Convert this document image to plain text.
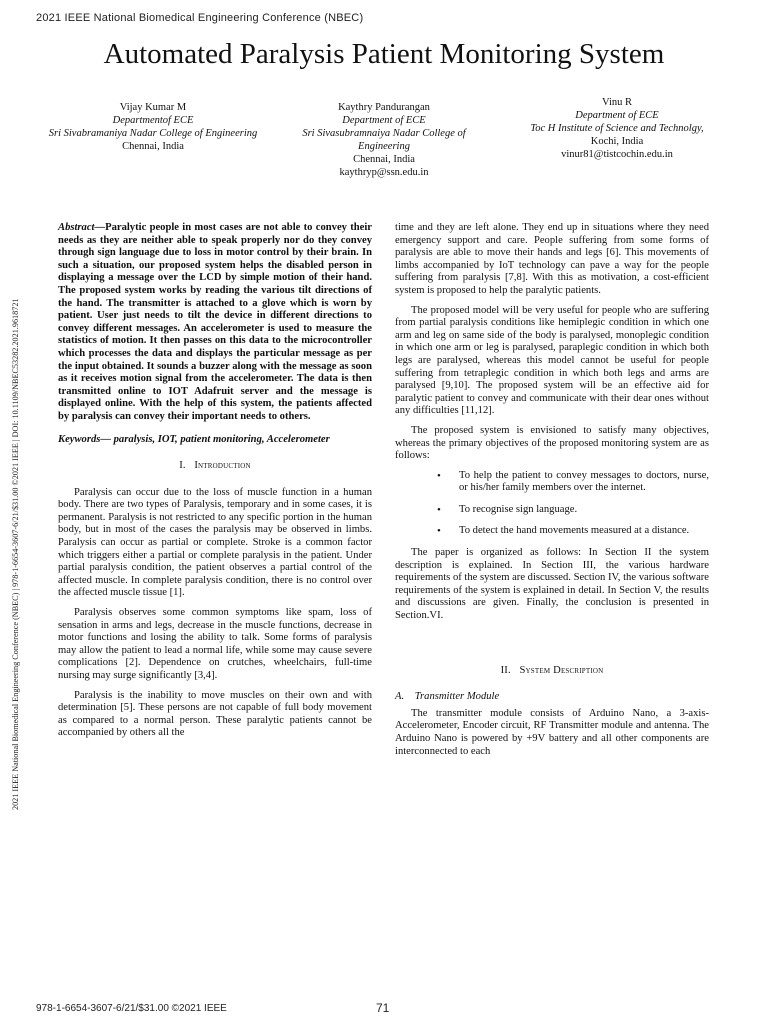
2021 IEEE National Biomedical Engineering Conference (NBEC)
Automated Paralysis Patient Monitoring System
Vijay Kumar M
Departmentof ECE
Sri Sivabramaniya Nadar College of Engineering
Chennai, India
Kaythry Pandurangan
Department of ECE
Sri Sivasubramnaiya Nadar College of Engineering
Chennai, India
kaythryp@ssn.edu.in
Vinu R
Department of ECE
Toc H Institute of Science and Technolgy,
Kochi, India
vinur81@tistcochin.edu.in
2021 IEEE National Biomedical Engineering Conference (NBEC) | 978-1-6654-3607-6/21/$31.00 ©2021 IEEE | DOI: 10.1109/NBEC53282.2021.9618721

Abstract—Paralytic people in most cases are not able to convey their needs as they are neither able to speak properly nor do they convey through sign language due to loss in motor control by their brain. In such a situation, our proposed system helps the disabled person in displaying a message over the LCD by simple motion of their hand. The proposed system works by reading the various tilt directions of the hand. The transmitter is attached to a glove which is worn by patient. User just needs to tilt the device in different directions to convey different messages. An accelerometer is used to measure the statistics of motion. It then passes on this data to the microcontroller which processes the data and displays the particular message as per the input obtained. It sounds a buzzer along with the message as soon as it receives motion signal from the accelerometer. The data is then transmitted online to IOT Adafruit server and the message is displayed online. With the help of this system, the patients affected by paralysis can convey their important needs to others.

Keywords— paralysis, IOT, patient monitoring, Accelerometer

I. Introduction

Paralysis can occur due to the loss of muscle function in a human body. There are two types of Paralysis, temporary and in some cases, it is permanent. Paralysis is not restricted to any specific portion in the human body, but in most of the cases the paralysis may be observed in limbs. Paralysis can occur as partial or complete. Stroke is a common factor which triggers either a partial or complete paralysis in the patient. Under partial paralysis condition, the patient observes a partial control of the affected muscle. In complete paralysis condition, there is no control over the affected muscle tissue [1].

Paralysis observes some common symptoms like spam, loss of sensation in arms and legs, decrease in the muscle functions, decrease in motor functions and losing the ability to talk. Some forms of paralysis may allow the patient to lead a normal life, while some may cause severe complications [2]. Dependence on crutches, wheelchairs, full-time nursing may surge significantly [3,4].

Paralysis is the inability to move muscles on their own and with determination [5]. These persons are not capable of full body movement as compared to a normal person. These paralytic patients cannot be accompanied by others all the

time and they are left alone. They end up in situations where they need emergency support and care. People suffering from some forms of paralysis are able to move their hands and legs [6]. This movements of limbs accompanied by IoT technology can pave a way for the people suffering from paralysis [7,8]. With this as motivation, a cost-efficient system is proposed to help the paralytic patients.

The proposed model will be very useful for people who are suffering from partial paralysis conditions like hemiplegic condition in which one arm and leg on same side of the body is paralysed, monoplegic condition in which one arm or leg is paralysed, paraplegic condition in which both legs are paralysed, whereas this model cannot be useful for people suffering from tetraplegic condition in which both legs and arms are paralysed [9,10]. The proposed system will be an effective aid for paralytic patient to convey and communicate with their dear ones without any difficulties [11,12].

The proposed system is envisioned to satisfy many objectives, whereas the primary objectives of the proposed monitoring system are as follows:

• To help the patient to convey messages to doctors, nurse, or his/her family members over the internet.
• To recognise sign language.
• To detect the hand movements measured at a distance.

The paper is organized as follows: In Section II the system description is explained. In Section III, the various hardware requirements of the system are discussed. Section IV, the various software requirements of the system is explained in detail. In Section V, the results and discussions are given. Finally, the conclusion is presented in Section.VI.

II. System Description
A. Transmitter Module

The transmitter module consists of Arduino Nano, a 3-axis-Accelerometer, Encoder circuit, RF Transmitter module and antenna. The Arduino Nano is powered by +9V battery and all other components are interconnected to each

978-1-6654-3607-6/21/$31.00 ©2021 IEEE	71
